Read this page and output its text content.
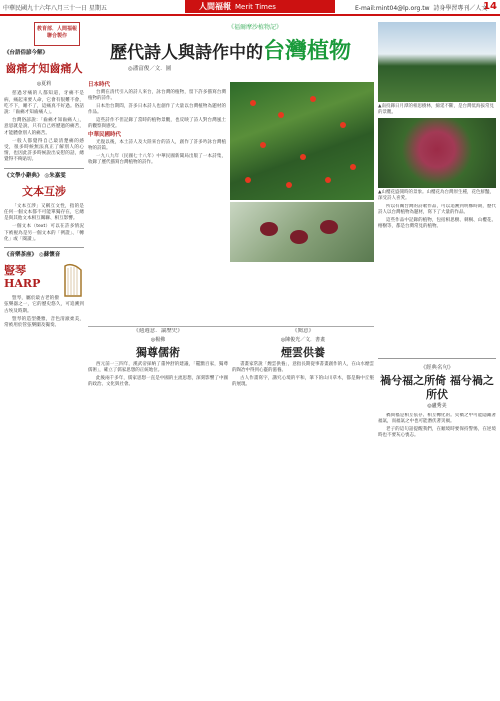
中華民國九十六年八月三十一日 星期五	人間福報 Merit Times	E-mail:mint04@lp.org.tw 詩身學習專刊／人文
14
教育部．人間福報 聯合製作
《台語俗諺今解》
齒痛才知齒痛人
◎夏莉

慈過牙痛的人都知道，牙痛不是病，痛起來要人命，它會有很難不會，吃不下，睡不了，這痛真不好過。俗話說：「齒痛才知齒痛人」。

台灣俗諺說：「齒痛才知齒痛人」，意思就是說，只有自己經歷過的痛苦，才能體會別人的痛苦。

一般人都覺得自己最清楚痛的感受，很多時候無法真正了解別人的心情，也因此許多時候說出安慰的話，總覺得不夠貼切。

《文學小辭典》 ◎朱嘉雯
文本互涉

「文本互涉」又稱互文性，指的是任何一個文本都不可能單獨存在，它總是與其他文本相互關聯、相互影響。

一個文本（text）可以在許多情況下被視為是另一個文本的「例證」、「轉化」或「閱讀」。

《音樂茶座》 ◎蘇懷音
豎琴 HARP

豎琴，屬於最古老的撥弦樂器之一，它的歷史悠久，可追溯到古埃及時期。

豎琴的造型優雅，音色清澈柔美，常被用於管弦樂團及獨奏。

《福爾摩沙植物記》
歷代詩人與詩作中的台灣植物
◎潘富俊／文．圖
日本時代

台灣在清代引入的詩人來台，詠台灣的植物，留下許多描寫台灣植物的詩作。

日本治台期間，許多日本詩人也創作了大量以台灣植物為題材的作品。

這些詩作不但記錄了當時的植物景觀，也反映了詩人對台灣風土的觀察與感受。

中華民國時代

光復以後，本土詩人及大陸來台的詩人，創作了許多吟詠台灣植物的詩篇。

一九八九年（民國七十八年）中華民國新聞局出版了一本詩集，收錄了歷代描寫台灣植物的詩作。

《週週意．論歷史》
◎楊佛
獨尊儒術

西元前一三四年，漢武帝採納了董仲舒的建議，「罷黜百家，獨尊儒術」，確立了儒家思想的正統地位。

此後兩千多年，儒家思想一直是中國的主流思想，深刻影響了中國的政治、文化與社會。

《閱意》
◎陳俊光／文．書畫
煙雲供養

書畫家常說「煙雲供養」，意指長期從事書畫創作的人，在山水煙雲的陶冶中得到心靈的滋養。

古人作畫寫字，講究心境的平和，筆下的山川草木，都是胸中丘壑的展現。

▲南投縣日月潭的相思樹林，綿延不斷，是台灣低海拔常見的景觀。
▲山櫻花盛開時的景象。山櫻花為台灣原生種，花色鮮豔，深受詩人喜愛。

所以有關台灣的詩歌作品，可以追溯到明鄭時期，歷代詩人以台灣植物為題材，寫下了大量的作品。

這些作品中記錄的植物，包括相思樹、刺桐、山櫻花、榕樹等，都是台灣常見的植物。

《經典名句》
禍兮福之所倚 福兮禍之所伏
◎盧秀美

禍與福是相互依存、相互轉化的。災禍之中可能隱藏著福氣，而福氣之中也可能潛伏著災禍。

老子的這句話提醒我們，在順境時要保持警惕，在逆境時也不要灰心喪志。
